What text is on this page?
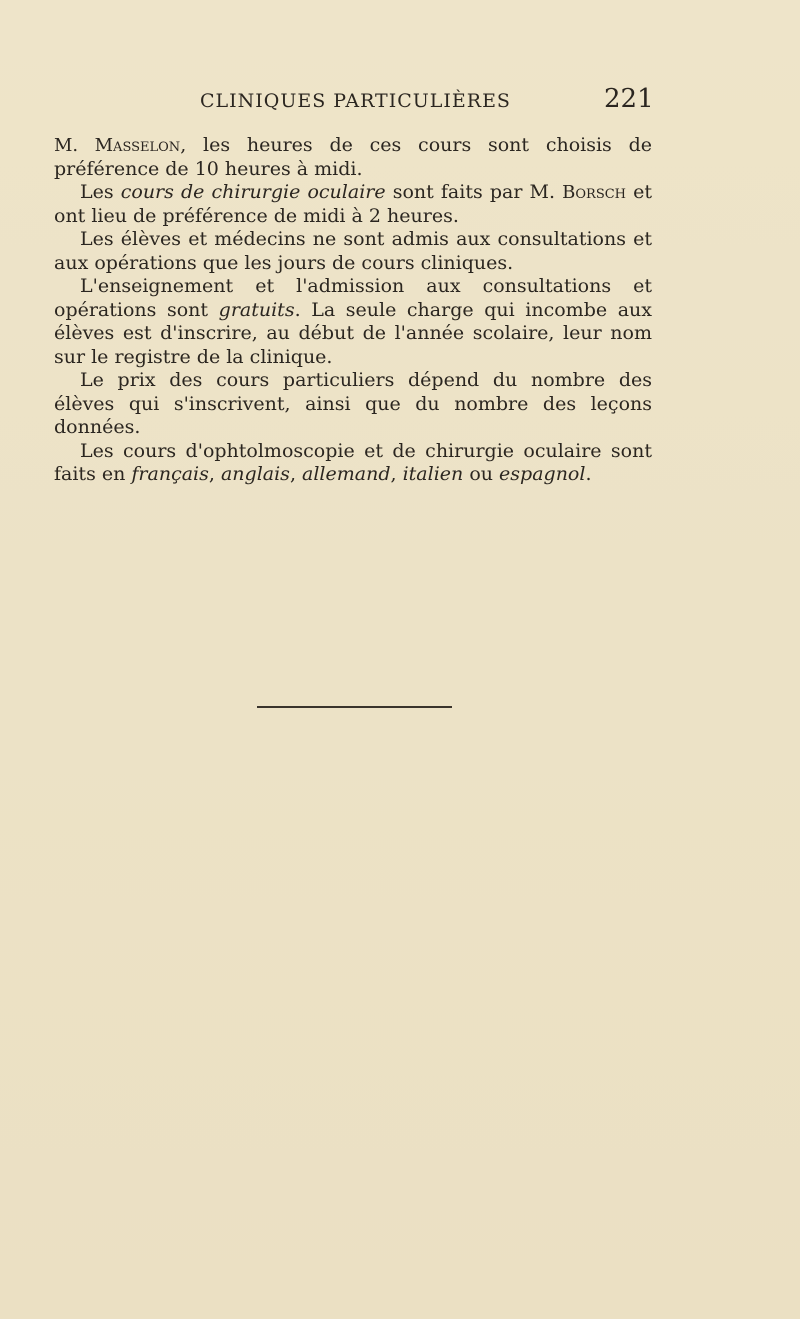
CLINIQUES PARTICULIÈRES	221

M. Masselon, les heures de ces cours sont choisis de préférence de 10 heures à midi.

Les cours de chirurgie oculaire sont faits par M. Borsch et ont lieu de préférence de midi à 2 heures.

Les élèves et médecins ne sont admis aux consultations et aux opérations que les jours de cours cliniques.

L'enseignement et l'admission aux consultations et opérations sont gratuits. La seule charge qui incombe aux élèves est d'inscrire, au début de l'année scolaire, leur nom sur le registre de la clinique.

Le prix des cours particuliers dépend du nombre des élèves qui s'inscrivent, ainsi que du nombre des leçons données.

Les cours d'ophtolmoscopie et de chirurgie oculaire sont faits en français, anglais, allemand, italien ou espagnol.
